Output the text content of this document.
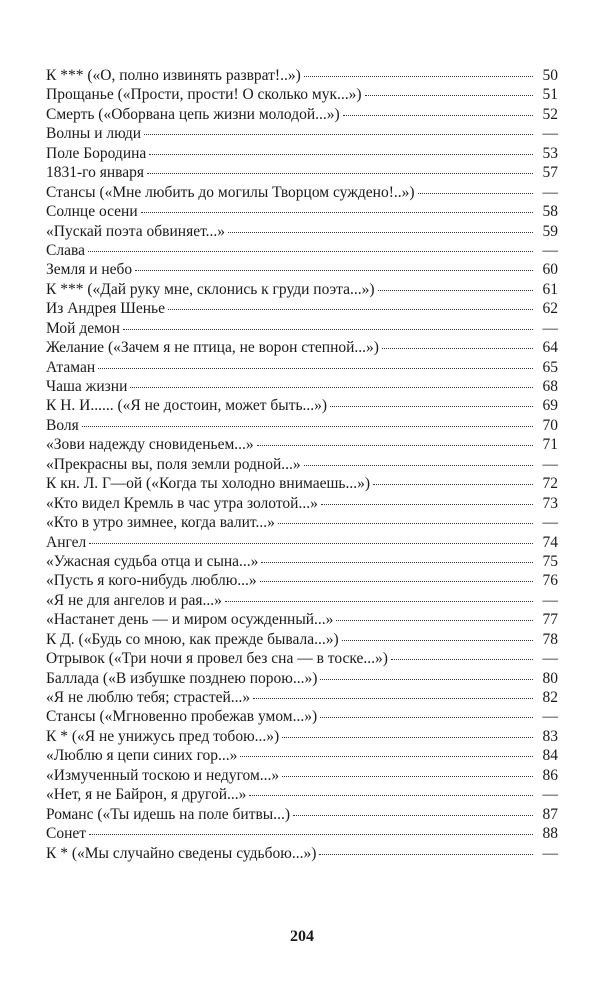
К *** («О, полно извинять разврат!..»)	50
Прощанье («Прости, прости! О сколько мук...»)	51
Смерть («Оборвана цепь жизни молодой...»)	52
Волны и люди	—
Поле Бородина	53
1831-го января	57
Стансы («Мне любить до могилы Творцом суждено!..»)	—
Солнце осени	58
«Пускай поэта обвиняет...»	59
Слава	—
Земля и небо	60
К *** («Дай руку мне, склонись к груди поэта...»)	61
Из Андрея Шенье	62
Мой демон	—
Желание («Зачем я не птица, не ворон степной...»)	64
Атаман	65
Чаша жизни	68
К Н. И...... («Я не достоин, может быть...»)	69
Воля	70
«Зови надежду сновиденьем...»	71
«Прекрасны вы, поля земли родной...»	—
К кн. Л. Г—ой («Когда ты холодно внимаешь...»)	72
«Кто видел Кремль в час утра золотой...»	73
«Кто в утро зимнее, когда валит...»	—
Ангел	74
«Ужасная судьба отца и сына...»	75
«Пусть я кого-нибудь люблю...»	76
«Я не для ангелов и рая...»	—
«Настанет день — и миром осужденный...»	77
К Д. («Будь со мною, как прежде бывала...»)	78
Отрывок («Три ночи я провел без сна — в тоске...»)	—
Баллада («В избушке позднею порою...»)	80
«Я не люблю тебя; страстей...»	82
Стансы («Мгновенно пробежав умом...»)	—
К * («Я не унижусь пред тобою...»)	83
«Люблю я цепи синих гор...»	84
«Измученный тоскою и недугом...»	86
«Нет, я не Байрон, я другой...»	—
Романс («Ты идешь на поле битвы...)	87
Сонет	88
К * («Мы случайно сведены судьбою...»)	—
204
